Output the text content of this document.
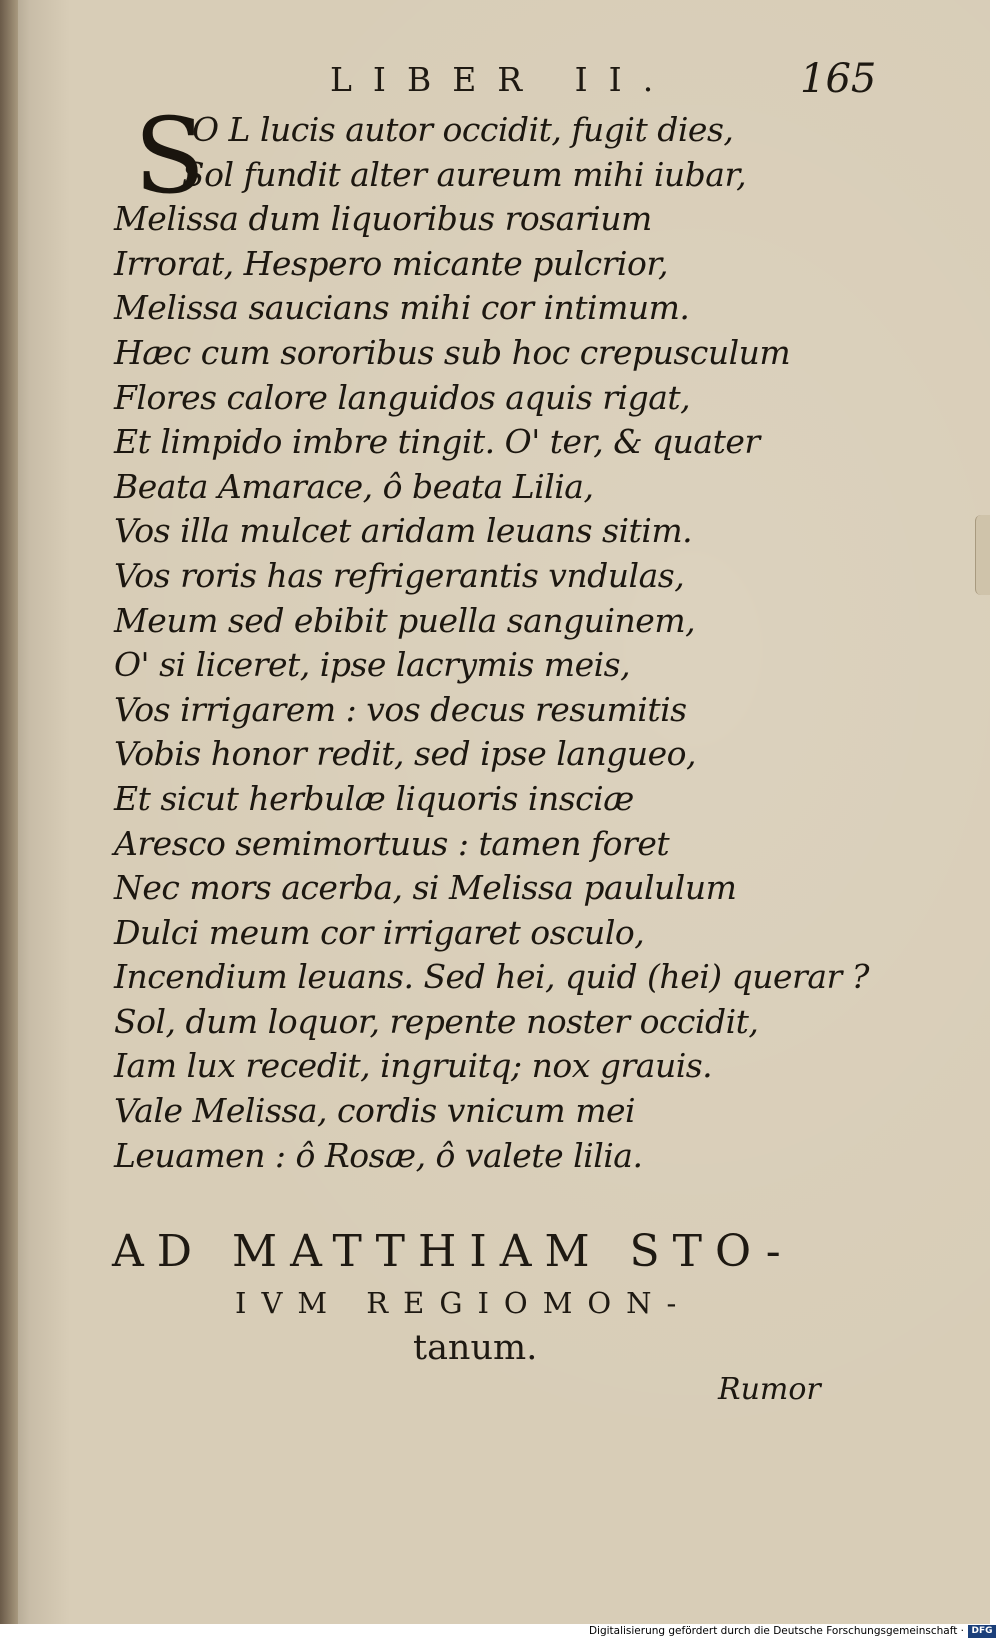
LIBER II.	165
S
O L lucis autor occidit, fugit dies,
Sol fundit alter aureum mihi iubar,
Melissa dum liquoribus rosarium
Irrorat, Hespero micante pulcrior,
Melissa saucians mihi cor intimum.
Hæc cum sororibus sub hoc crepusculum
Flores calore languidos aquis rigat,
Et limpido imbre tingit. O' ter, & quater
Beata Amarace, ô beata Lilia,
Vos illa mulcet aridam leuans sitim.
Vos roris has refrigerantis vndulas,
Meum sed ebibit puella sanguinem,
O' si liceret, ipse lacrymis meis,
Vos irrigarem : vos decus resumitis
Vobis honor redit, sed ipse langueo,
Et sicut herbulæ liquoris insciæ
Aresco semimortuus : tamen foret
Nec mors acerba, si Melissa paululum
Dulci meum cor irrigaret osculo,
Incendium leuans. Sed hei, quid (hei) querar ?
Sol, dum loquor, repente noster occidit,
Iam lux recedit, ingruitq; nox grauis.
Vale Melissa, cordis vnicum mei
Leuamen : ô Rosæ, ô valete lilia.
AD MATTHIAM STO-
IVM REGIOMON-
tanum.
Rumor
Digitalisierung gefördert durch die Deutsche Forschungsgemeinschaft · DFG
